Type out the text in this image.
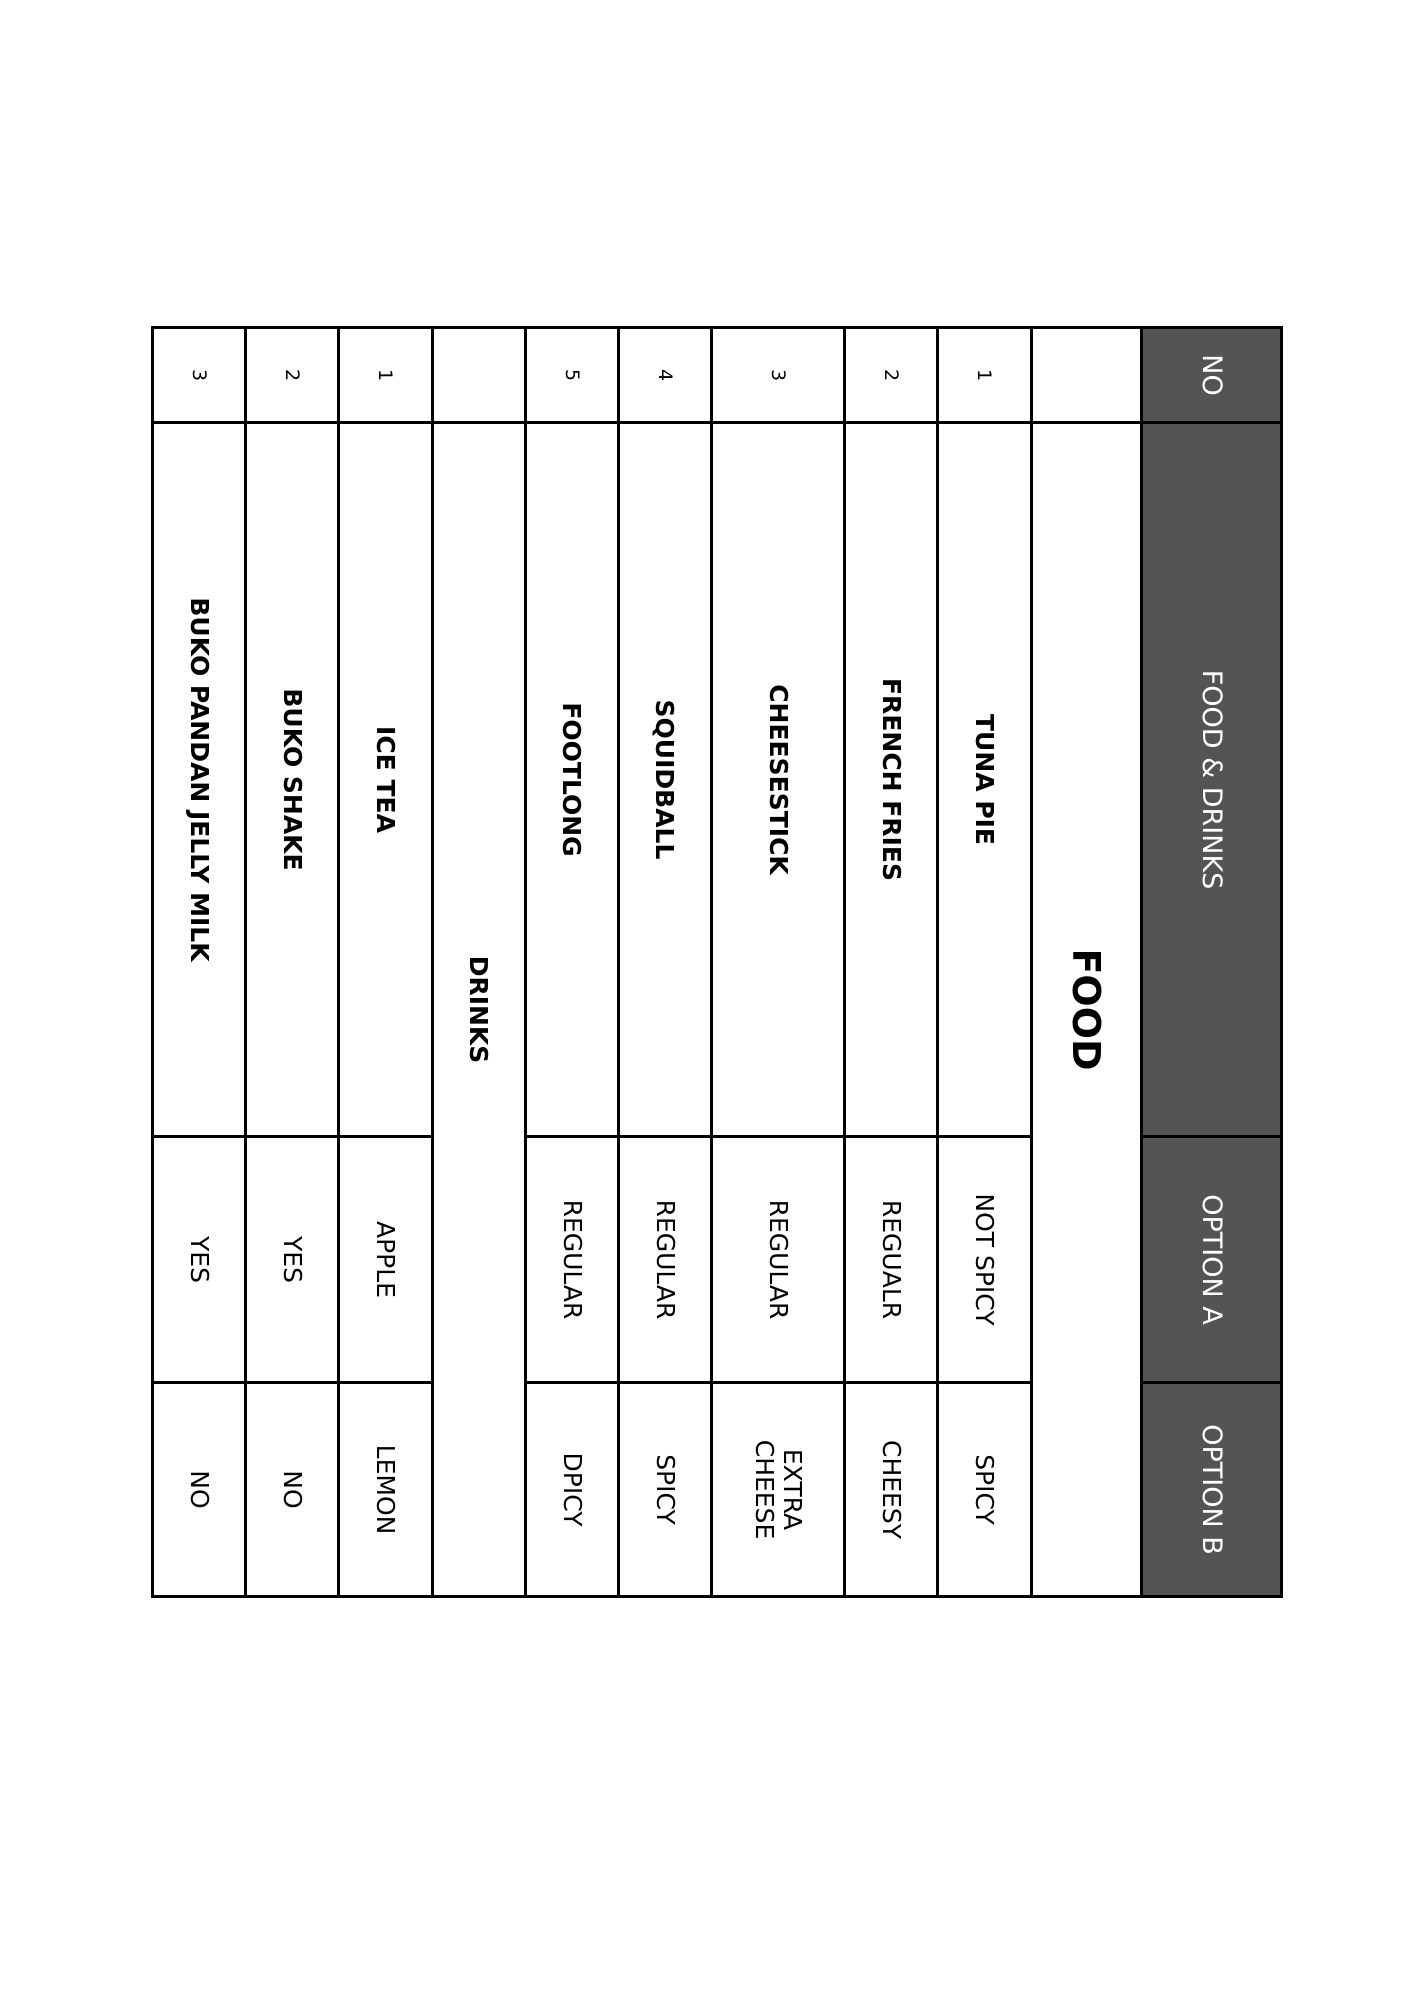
NO	FOOD & DRINKS	OPTION A	OPTION B
	FOOD		
1	TUNA PIE	NOT SPICY	SPICY
2	FRENCH FRIES	REGUALR	CHEESY
3	CHEESESTICK	REGULAR	EXTRA CHEESE
4	SQUIDBALL	REGULAR	SPICY
5	FOOTLONG	REGULAR	DPICY
	DRINKS		
1	ICE TEA	APPLE	LEMON
2	BUKO SHAKE	YES	NO
3	BUKO PANDAN JELLY MILK	YES	NO
